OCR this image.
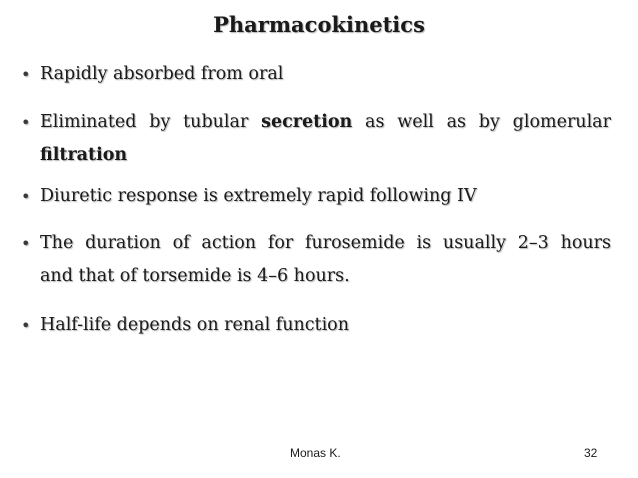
Pharmacokinetics
• Rapidly absorbed from oral
• Eliminated by tubular secretion as well as by glomerular
filtration
• Diuretic response is extremely rapid following IV
• The duration of action for furosemide is usually 2–3 hours
and that of torsemide is 4–6 hours.
• Half-life depends on renal function
Monas K.	32
